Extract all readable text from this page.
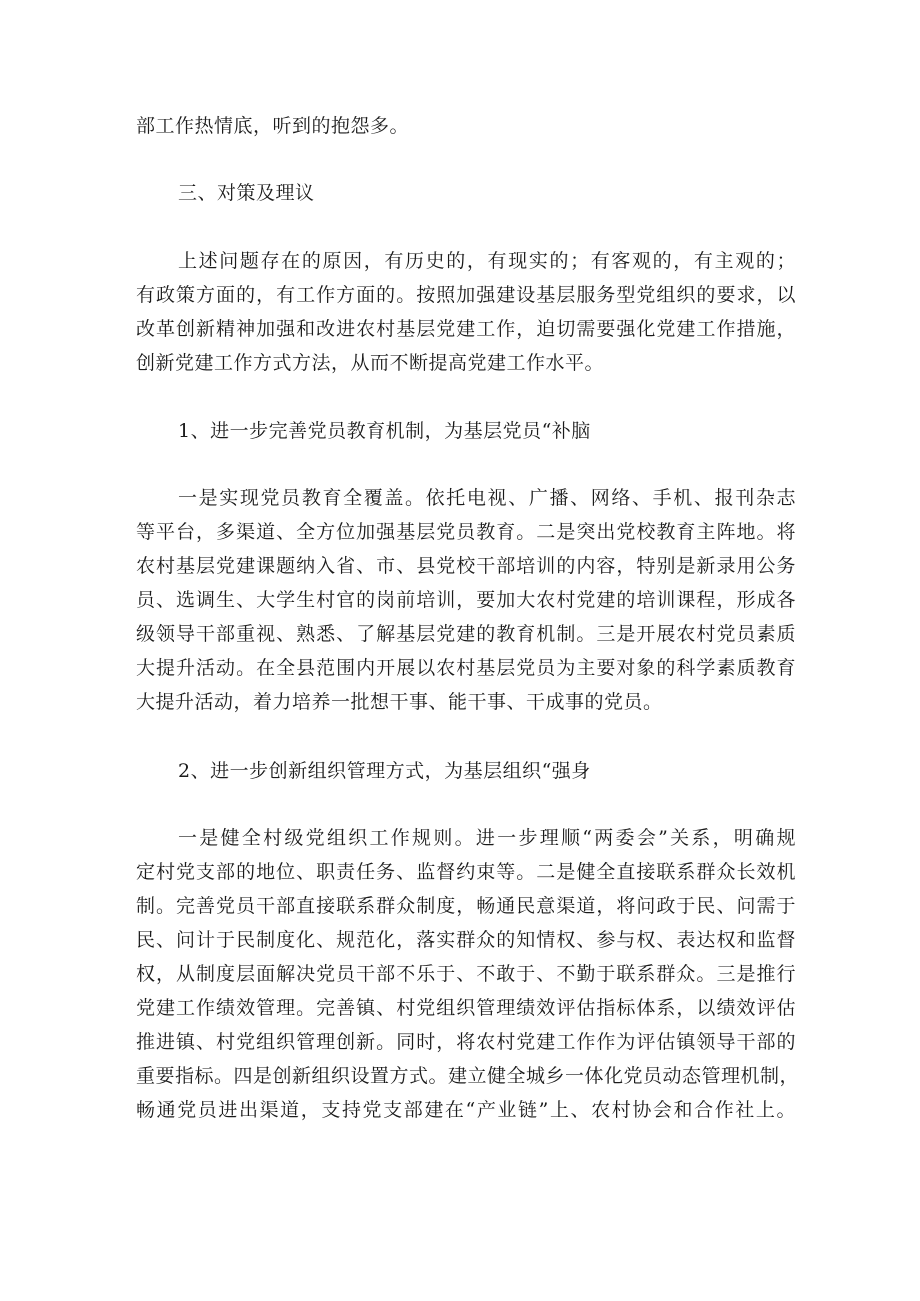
部工作热情底，听到的抱怨多。
三、对策及理议
上述问题存在的原因，有历史的，有现实的；有客观的，有主观的；
有政策方面的，有工作方面的。按照加强建设基层服务型党组织的要求，以
改革创新精神加强和改进农村基层党建工作，迫切需要强化党建工作措施，
创新党建工作方式方法，从而不断提高党建工作水平。
1、进一步完善党员教育机制，为基层党员“补脑
一是实现党员教育全覆盖。依托电视、广播、网络、手机、报刊杂志
等平台，多渠道、全方位加强基层党员教育。二是突出党校教育主阵地。将
农村基层党建课题纳入省、市、县党校干部培训的内容，特别是新录用公务
员、选调生、大学生村官的岗前培训，要加大农村党建的培训课程，形成各
级领导干部重视、熟悉、了解基层党建的教育机制。三是开展农村党员素质
大提升活动。在全县范围内开展以农村基层党员为主要对象的科学素质教育
大提升活动，着力培养一批想干事、能干事、干成事的党员。
2、进一步创新组织管理方式，为基层组织“强身
一是健全村级党组织工作规则。进一步理顺“两委会”关系，明确规
定村党支部的地位、职责任务、监督约束等。二是健全直接联系群众长效机
制。完善党员干部直接联系群众制度，畅通民意渠道，将问政于民、问需于
民、问计于民制度化、规范化，落实群众的知情权、参与权、表达权和监督
权，从制度层面解决党员干部不乐于、不敢于、不勤于联系群众。三是推行
党建工作绩效管理。完善镇、村党组织管理绩效评估指标体系，以绩效评估
推进镇、村党组织管理创新。同时，将农村党建工作作为评估镇领导干部的
重要指标。四是创新组织设置方式。建立健全城乡一体化党员动态管理机制，
畅通党员进出渠道，支持党支部建在“产业链”上、农村协会和合作社上。
